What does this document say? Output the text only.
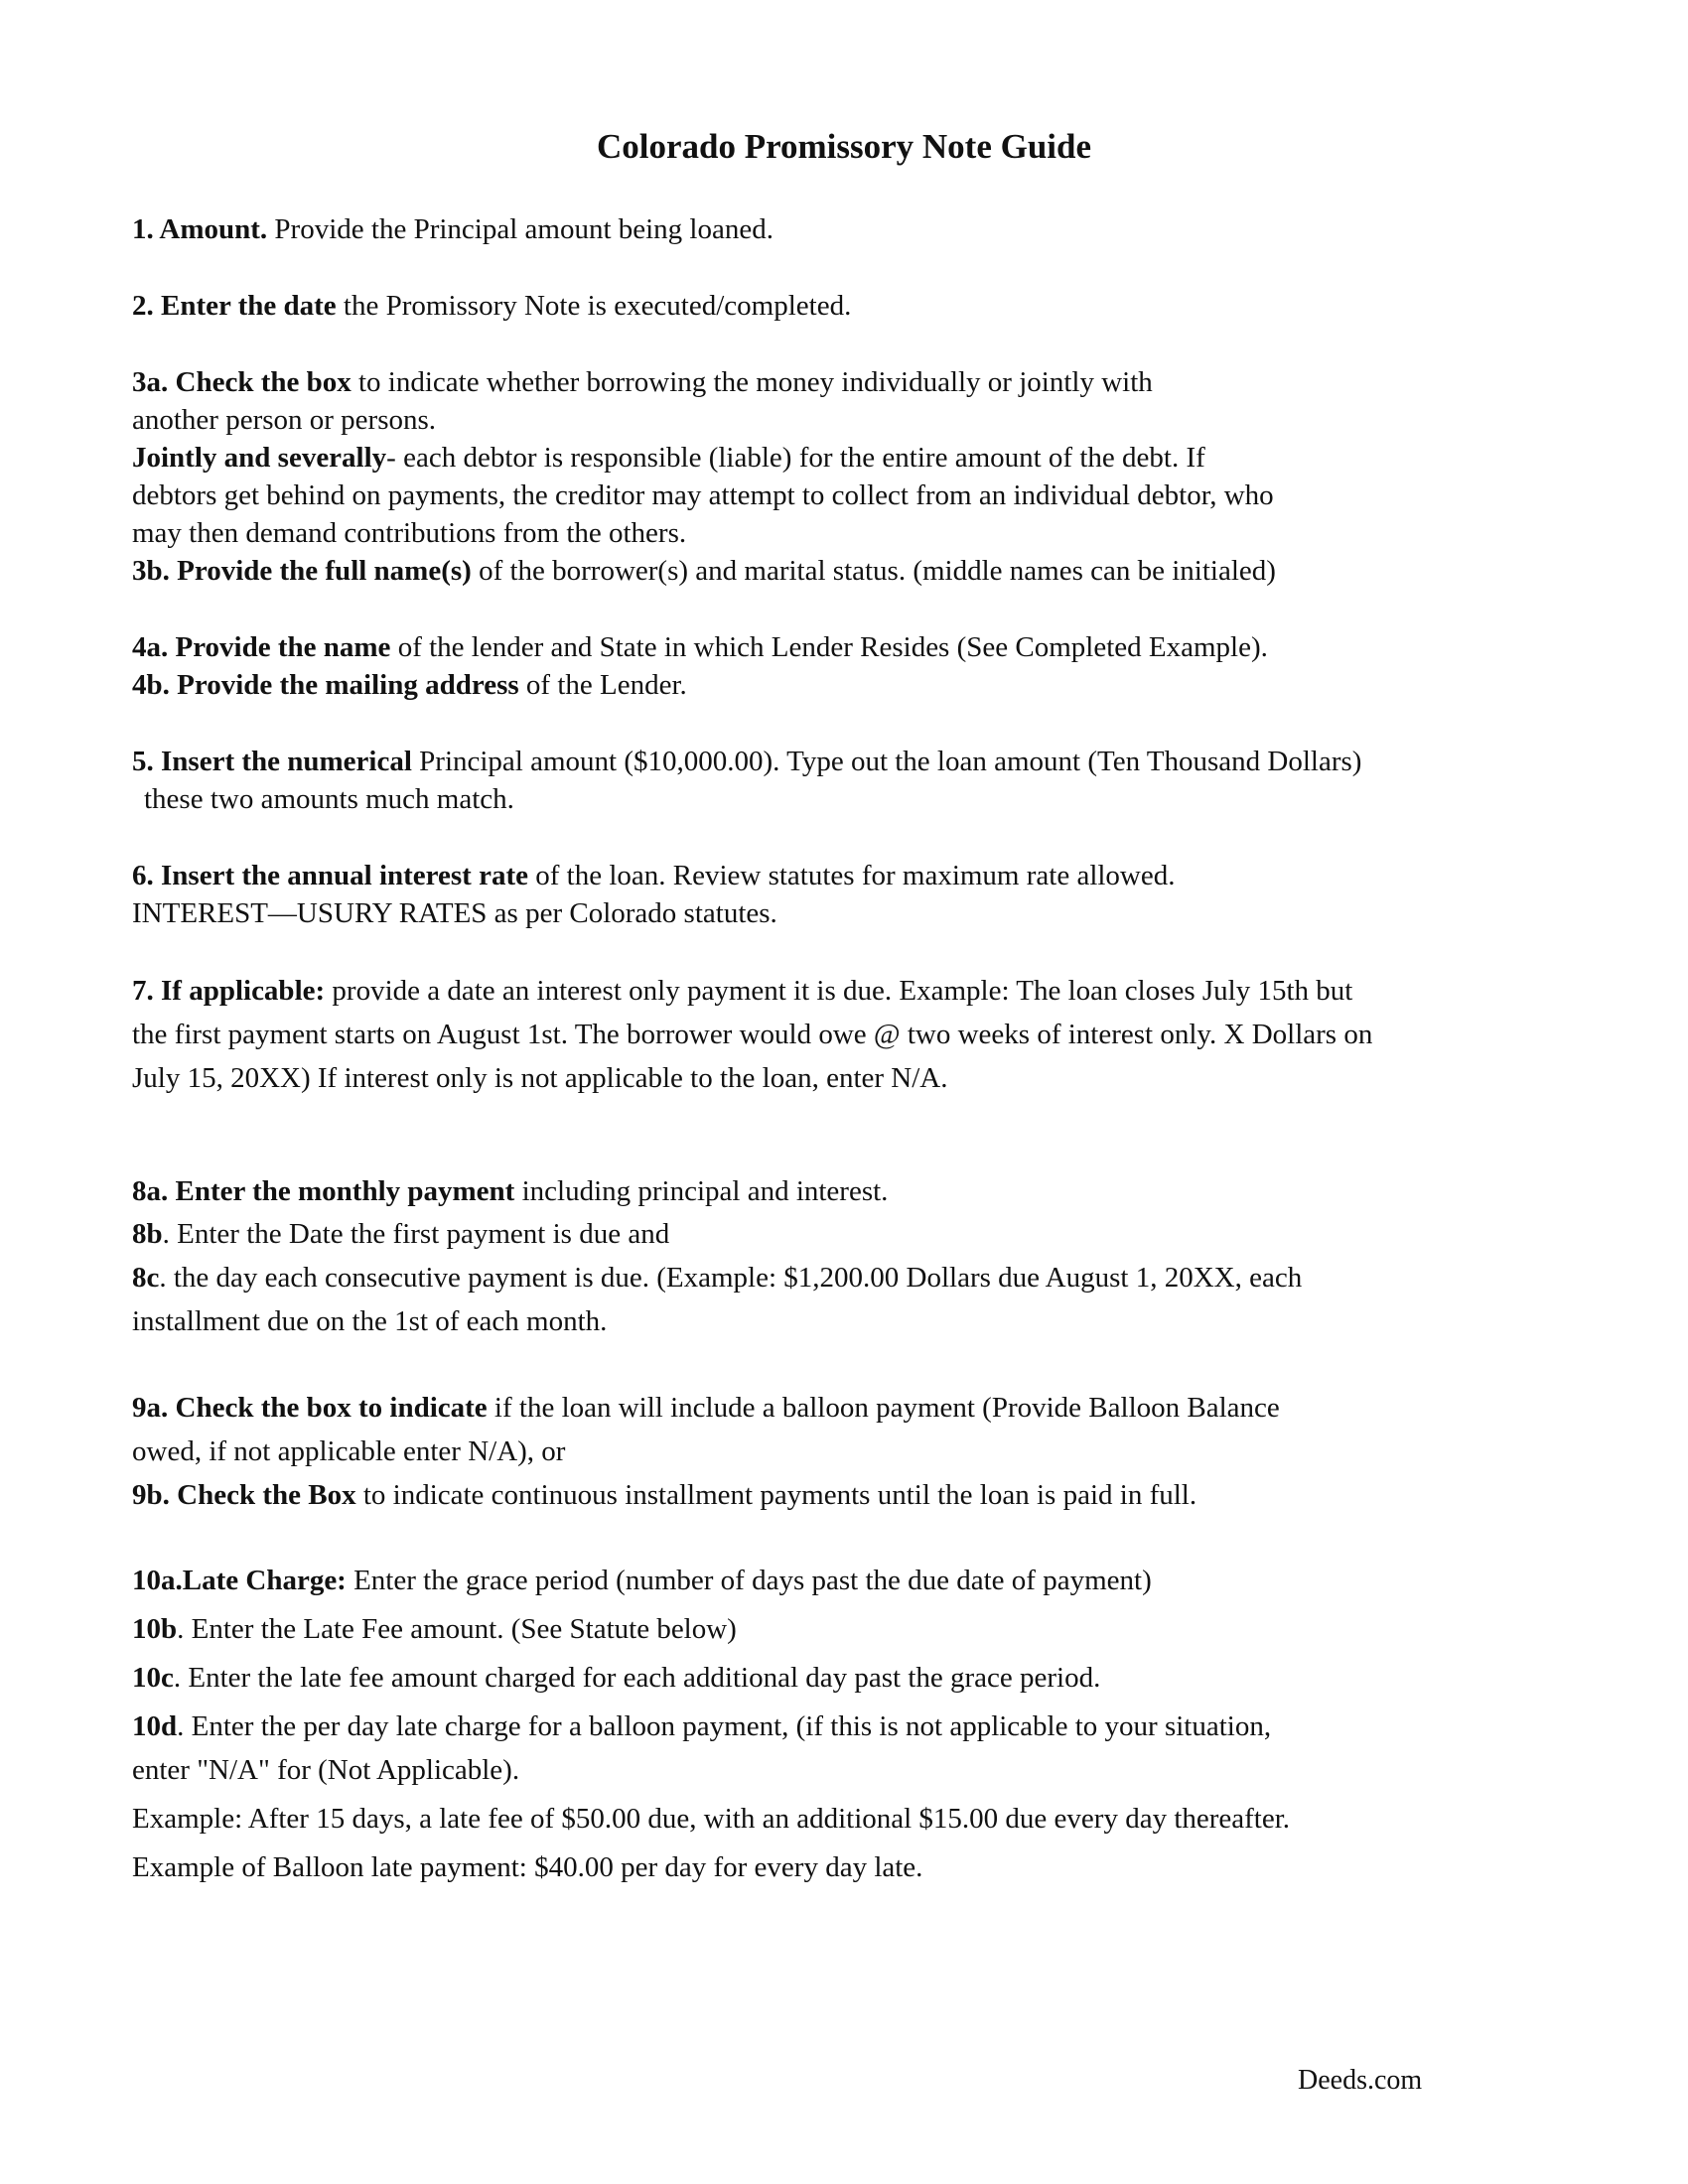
Colorado Promissory Note Guide

1. Amount. Provide the Principal amount being loaned.

2. Enter the date the Promissory Note is executed/completed.

3a. Check the box to indicate whether borrowing the money individually or jointly with

another person or persons.

Jointly and severally- each debtor is responsible (liable) for the entire amount of the debt. If

debtors get behind on payments, the creditor may attempt to collect from an individual debtor, who

may then demand contributions from the others.

3b. Provide the full name(s) of the borrower(s) and marital status. (middle names can be initialed)

4a. Provide the name of the lender and State in which Lender Resides (See Completed Example).

4b. Provide the mailing address of the Lender.

5. Insert the numerical Principal amount ($10,000.00). Type out the loan amount (Ten Thousand Dollars)

these two amounts much match.

6. Insert the annual interest rate of the loan. Review statutes for maximum rate allowed.

INTEREST—USURY RATES as per Colorado statutes.

7. If applicable: provide a date an interest only payment it is due. Example: The loan closes July 15th but

the first payment starts on August 1st. The borrower would owe @ two weeks of interest only. X Dollars on

July 15, 20XX) If interest only is not applicable to the loan, enter N/A.

8a. Enter the monthly payment including principal and interest.

8b. Enter the Date the first payment is due and

8c. the day each consecutive payment is due. (Example: $1,200.00 Dollars due August 1, 20XX, each

installment due on the 1st of each month.

9a. Check the box to indicate if the loan will include a balloon payment (Provide Balloon Balance

owed, if not applicable enter N/A), or

9b. Check the Box to indicate continuous installment payments until the loan is paid in full.

10a.Late Charge: Enter the grace period (number of days past the due date of payment)

10b. Enter the Late Fee amount. (See Statute below)

10c. Enter the late fee amount charged for each additional day past the grace period.

10d. Enter the per day late charge for a balloon payment, (if this is not applicable to your situation,

enter "N/A" for (Not Applicable).

Example: After 15 days, a late fee of $50.00 due, with an additional $15.00 due every day thereafter.

Example of Balloon late payment: $40.00 per day for every day late.

Deeds.com
